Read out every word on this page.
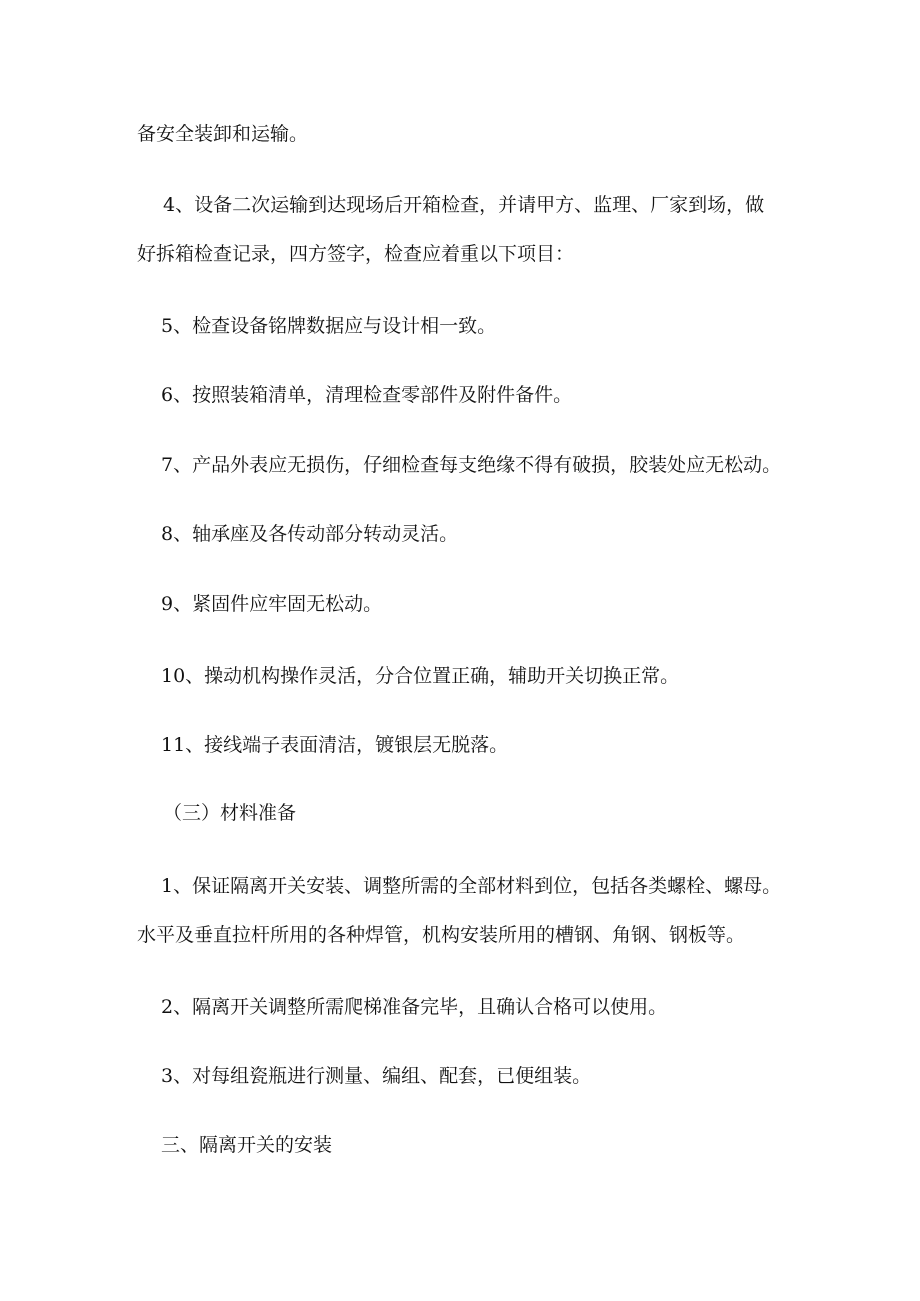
备安全装卸和运输。
4、设备二次运输到达现场后开箱检查，并请甲方、监理、厂家到场，做
好拆箱检查记录，四方签字，检查应着重以下项目：
5、检查设备铭牌数据应与设计相一致。
6、按照装箱清单，清理检查零部件及附件备件。
7、产品外表应无损伤，仔细检查每支绝缘不得有破损，胶装处应无松动。
8、轴承座及各传动部分转动灵活。
9、紧固件应牢固无松动。
10、操动机构操作灵活，分合位置正确，辅助开关切换正常。
11、接线端子表面清洁，镀银层无脱落。
（三）材料准备
1、保证隔离开关安装、调整所需的全部材料到位，包括各类螺栓、螺母。
水平及垂直拉杆所用的各种焊管，机构安装所用的槽钢、角钢、钢板等。
2、隔离开关调整所需爬梯准备完毕，且确认合格可以使用。
3、对每组瓷瓶进行测量、编组、配套，已便组装。
三、隔离开关的安装
